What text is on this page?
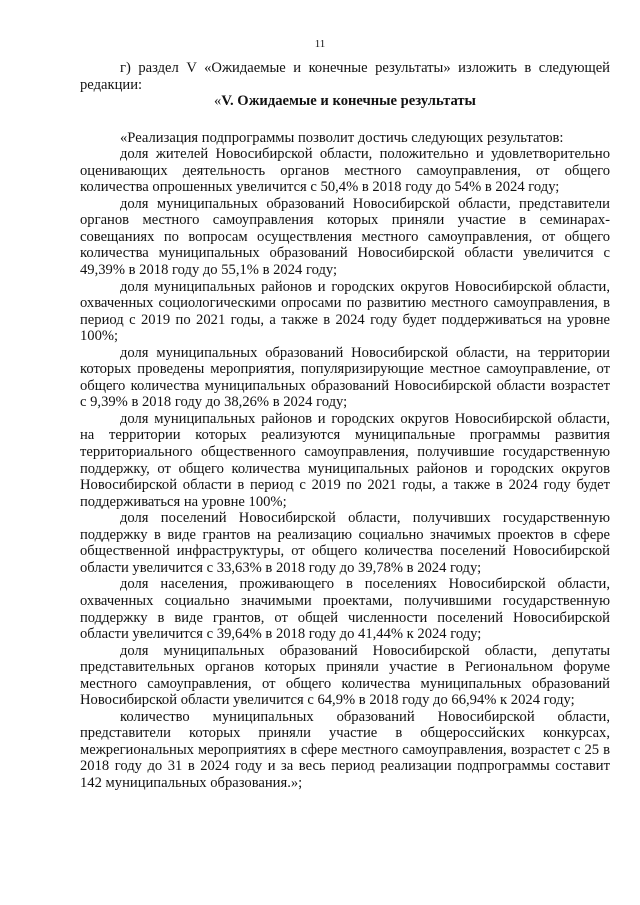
11

г) раздел V «Ожидаемые и конечные результаты» изложить в следующей редакции:

«V. Ожидаемые и конечные результаты

«Реализация подпрограммы позволит достичь следующих результатов:

доля жителей Новосибирской области, положительно и удовлетворительно оценивающих деятельность органов местного самоуправления, от общего количества опрошенных увеличится с 50,4% в 2018 году до 54% в 2024 году;

доля муниципальных образований Новосибирской области, представители органов местного самоуправления которых приняли участие в семинарах-совещаниях по вопросам осуществления местного самоуправления, от общего количества муниципальных образований Новосибирской области увеличится с 49,39% в 2018 году до 55,1% в 2024 году;

доля муниципальных районов и городских округов Новосибирской области, охваченных социологическими опросами по развитию местного самоуправления, в период с 2019 по 2021 годы, а также в 2024 году будет поддерживаться на уровне 100%;

доля муниципальных образований Новосибирской области, на территории которых проведены мероприятия, популяризирующие местное самоуправление, от общего количества муниципальных образований Новосибирской области возрастет с 9,39% в 2018 году до 38,26% в 2024 году;

доля муниципальных районов и городских округов Новосибирской области, на территории которых реализуются муниципальные программы развития территориального общественного самоуправления, получившие государственную поддержку, от общего количества муниципальных районов и городских округов Новосибирской области в период с 2019 по 2021 годы, а также в 2024 году будет поддерживаться на уровне 100%;

доля поселений Новосибирской области, получивших государственную поддержку в виде грантов на реализацию социально значимых проектов в сфере общественной инфраструктуры, от общего количества поселений Новосибирской области увеличится с 33,63% в 2018 году до 39,78% в 2024 году;

доля населения, проживающего в поселениях Новосибирской области, охваченных социально значимыми проектами, получившими государственную поддержку в виде грантов, от общей численности поселений Новосибирской области увеличится с 39,64% в 2018 году до 41,44% к 2024 году;

доля муниципальных образований Новосибирской области, депутаты представительных органов которых приняли участие в Региональном форуме местного самоуправления, от общего количества муниципальных образований Новосибирской области увеличится с 64,9% в 2018 году до 66,94% к 2024 году;

количество муниципальных образований Новосибирской области, представители которых приняли участие в общероссийских конкурсах, межрегиональных мероприятиях в сфере местного самоуправления, возрастет с 25 в 2018 году до 31 в 2024 году и за весь период реализации подпрограммы составит 142 муниципальных образования.»;
